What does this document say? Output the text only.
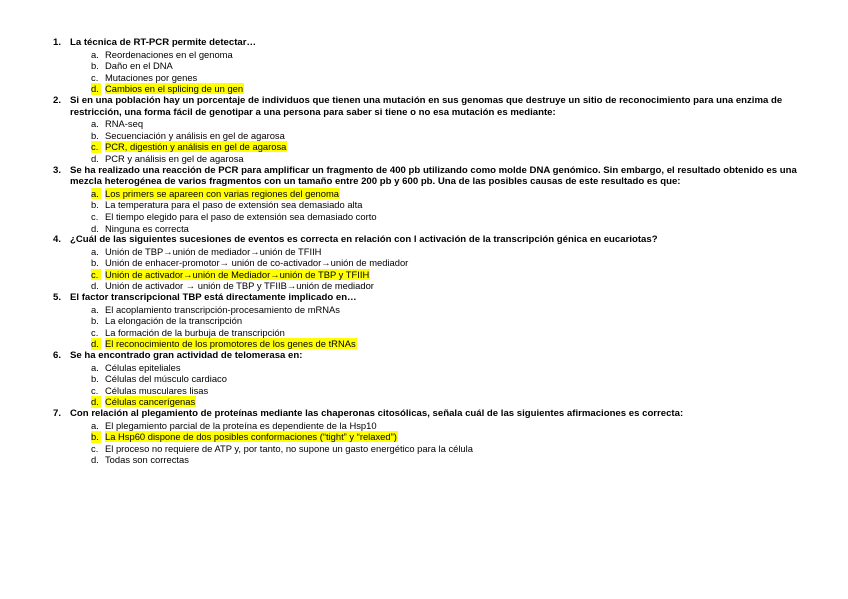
1. La técnica de RT-PCR permite detectar…
a. Reordenaciones en el genoma
b. Daño en el DNA
c. Mutaciones por genes
d. Cambios en el splicing de un gen
2. Si en una población hay un porcentaje de individuos que tienen una mutación en sus genomas que destruye un sitio de reconocimiento para una enzima de restricción, una forma fácil de genotipar a una persona para saber si tiene o no esa mutación es mediante:
a. RNA-seq
b. Secuenciación y análisis en gel de agarosa
c. PCR, digestión y análisis en gel de agarosa
d. PCR y análisis en gel de agarosa
3. Se ha realizado una reacción de PCR para amplificar un fragmento de 400 pb utilizando como molde DNA genómico. Sin embargo, el resultado obtenido es una mezcla heterogénea de varios fragmentos con un tamaño entre 200 pb y 600 pb. Una de las posibles causas de este resultado es que:
a. Los primers se apareen con varias regiones del genoma
b. La temperatura para el paso de extensión sea demasiado alta
c. El tiempo elegido para el paso de extensión sea demasiado corto
d. Ninguna es correcta
4. ¿Cuál de las siguientes sucesiones de eventos es correcta en relación con l activación de la transcripción génica en eucariotas?
a. Unión de TBP→unión de mediador→unión de TFIIH
b. Unión de enhacer-promotor→ unión de co-activador→unión de mediador
c. Unión de activador→unión de Mediador→unión de TBP y TFIIH
d. Unión de activador → unión de TBP y TFIIB→unión de mediador
5. El factor transcripcional TBP está directamente implicado en…
a. El acoplamiento transcripción-procesamiento de mRNAs
b. La elongación de la transcripción
c. La formación de la burbuja de transcripción
d. El reconocimiento de los promotores de los genes de tRNAs
6. Se ha encontrado gran actividad de telomerasa en:
a. Células epiteliales
b. Células del músculo cardiaco
c. Células musculares lisas
d. Células cancerígenas
7. Con relación al plegamiento de proteínas mediante las chaperonas citosólicas, señala cuál de las siguientes afirmaciones es correcta:
a. El plegamiento parcial de la proteína es dependiente de la Hsp10
b. La Hsp60 dispone de dos posibles conformaciones (“tight” y “relaxed”)
c. El proceso no requiere de ATP y, por tanto, no supone un gasto energético para la célula
d. Todas son correctas
